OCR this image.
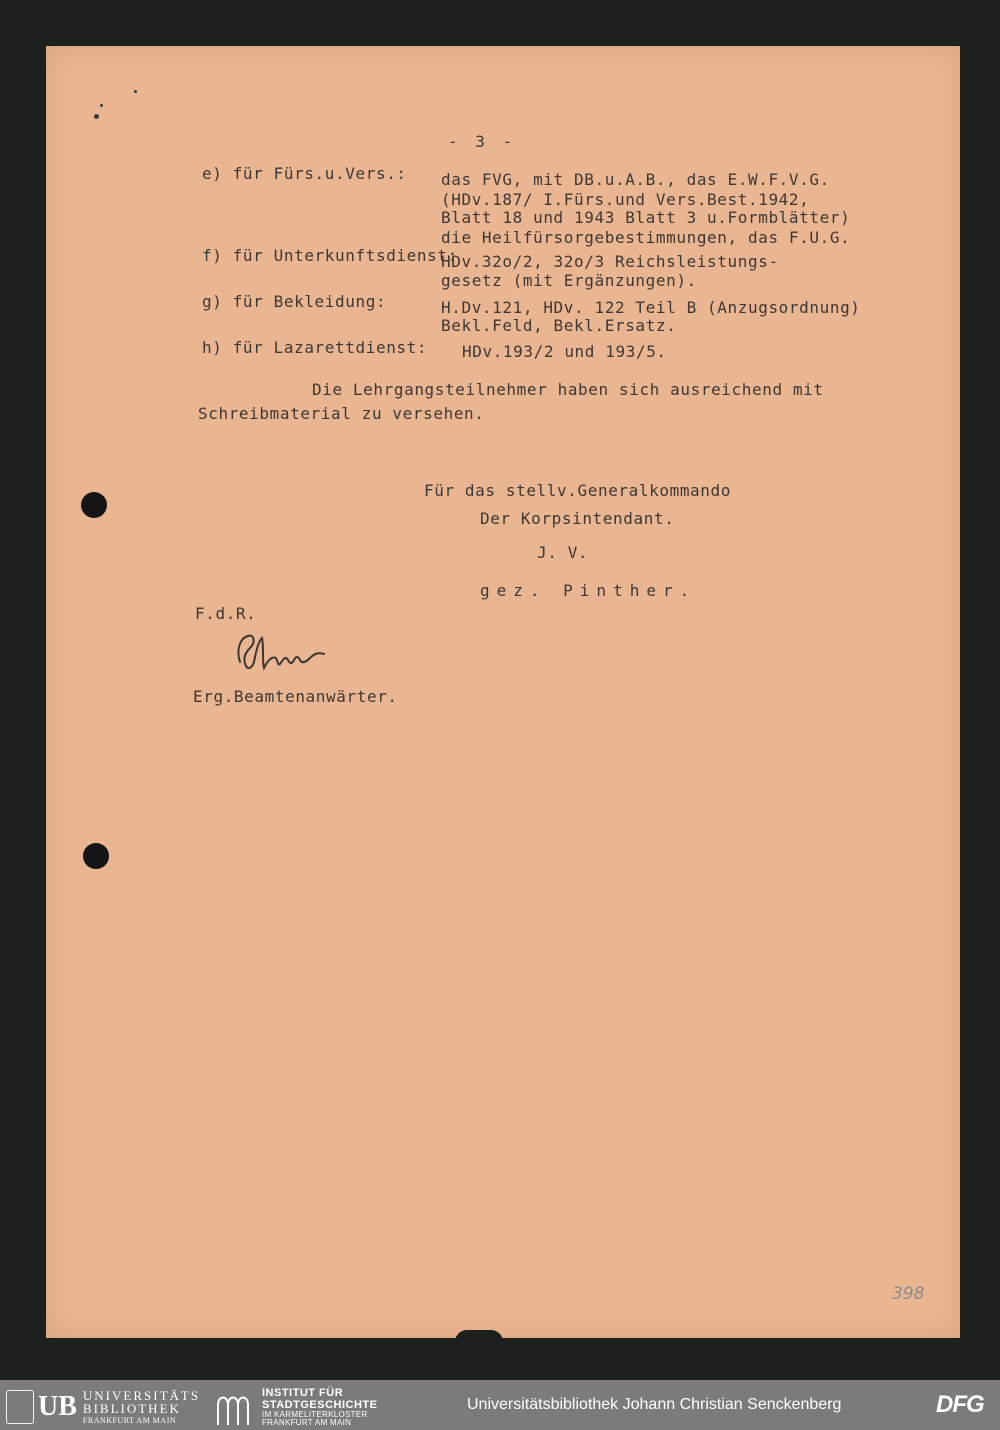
- 3 -
e) für Fürs.u.Vers.: das FVG, mit DB.u.A.B., das E.W.F.V.G.
(HDv.187/ I.Fürs.und Vers.Best.1942,
Blatt 18 und 1943 Blatt 3 u.Formblätter)
die Heilfürsorgebestimmungen, das F.U.G.
f) für Unterkunftsdienst:
HDv.32o/2, 32o/3 Reichsleistungs-
gesetz (mit Ergänzungen).
g) für Bekleidung:	H.Dv.121, HDv. 122 Teil B (Anzugsordnung)
Bekl.Feld, Bekl.Ersatz.
h) für Lazarettdienst: HDv.193/2 und 193/5.
Die Lehrgangsteilnehmer haben sich ausreichend mit
Schreibmaterial zu versehen.
Für das stellv.Generalkommando
Der Korpsintendant.
J. V.
gez. Pinther.
F.d.R.
Erg.Beamtenanwärter.
398
UB UNIVERSITÄTS
BIBLIOTHEK
FRANKFURT AM MAIN
INSTITUT FÜR
STADTGESCHICHTE
IM KARMELITERKLOSTER
FRANKFURT AM MAIN
Universitätsbibliothek Johann Christian Senckenberg	DFG
